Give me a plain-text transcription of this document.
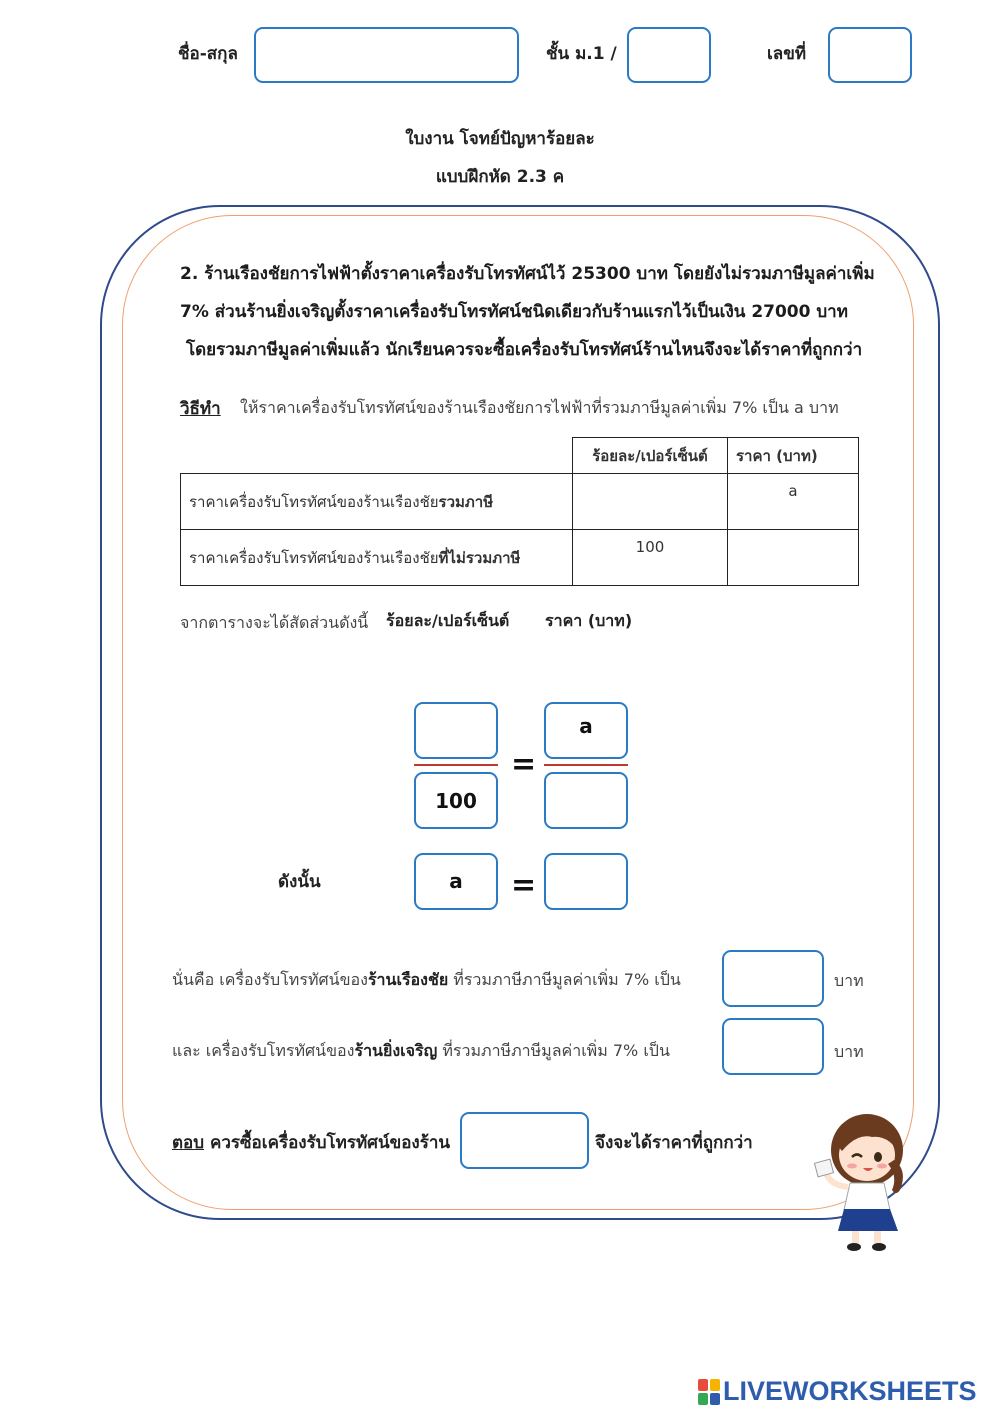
ชื่อ-สกุล	ชั้น ม.1 /	เลขที่
ใบงาน โจทย์ปัญหาร้อยละ
แบบฝึกหัด 2.3 ค
2. ร้านเรืองชัยการไฟฟ้าตั้งราคาเครื่องรับโทรทัศน์ไว้ 25300 บาท โดยยังไม่รวมภาษีมูลค่าเพิ่ม
7% ส่วนร้านยิ่งเจริญตั้งราคาเครื่องรับโทรทัศน์ชนิดเดียวกับร้านแรกไว้เป็นเงิน 27000 บาท
โดยรวมภาษีมูลค่าเพิ่มแล้ว นักเรียนควรจะซื้อเครื่องรับโทรทัศน์ร้านไหนจึงจะได้ราคาที่ถูกกว่า
วิธีทำ ให้ราคาเครื่องรับโทรทัศน์ของร้านเรืองชัยการไฟฟ้าที่รวมภาษีมูลค่าเพิ่ม 7% เป็น a บาท
	ร้อยละ/เปอร์เซ็นต์	ราคา (บาท)
ราคาเครื่องรับโทรทัศน์ของร้านเรืองชัยรวมภาษี		a
ราคาเครื่องรับโทรทัศน์ของร้านเรืองชัยที่ไม่รวมภาษี	100	
จากตารางจะได้สัดส่วนดังนี้ ร้อยละ/เปอร์เซ็นต์ ราคา (บาท)
100
=
a
ดังนั้น	a	=
นั่นคือ เครื่องรับโทรทัศน์ของร้านเรืองชัย ที่รวมภาษีภาษีมูลค่าเพิ่ม 7% เป็น	บาท
และ เครื่องรับโทรทัศน์ของร้านยิ่งเจริญ ที่รวมภาษีภาษีมูลค่าเพิ่ม 7% เป็น	บาท
ตอบ ควรซื้อเครื่องรับโทรทัศน์ของร้าน	จึงจะได้ราคาที่ถูกกว่า
LIVEWORKSHEETS
